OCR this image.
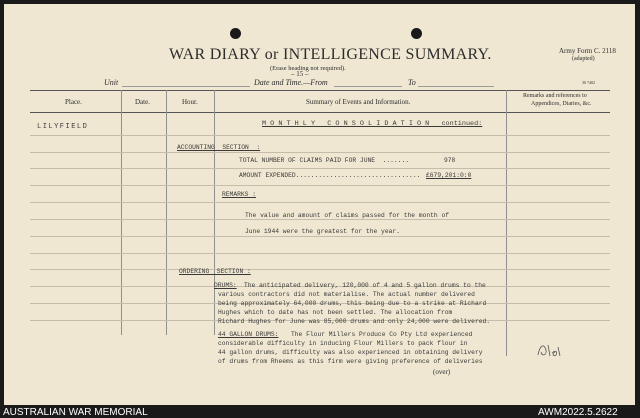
WAR DIARY or INTELLIGENCE SUMMARY.
(Erase heading not required).
Army Form C. 2118
(adapted)
Unit
– 15 –
Date and Time.—From	To	30 7402
Place.	Date.	Hour.	Summary of Events and Information.
Remarks and references to
Appendices, Diaries, &c.
LILYFIELD	M O N T H L Y   C O N S O L I D A T I O N   continued:
ACCOUNTING  SECTION  :
TOTAL NUMBER OF CLAIMS PAID FOR JUNE  .......	978
AMOUNT EXPENDED................................. £679,201:0:0
REMARKS :
The value and amount of claims passed for the month of
June 1944 were the greatest for the year.
ORDERING  SECTION :
DRUMS: The anticipated delivery, 120,000 of 4 and 5 gallon drums to the
various contractors did not materialise. The actual number delivered
being approximately 64,000 drums, this being due to a strike at Richard
Hughes which to date has not been settled. The allocation from
Richard Hughes for June was 85,000 drums and only 24,000 were delivered.
44 GALLON DRUMS: The Flour Millers Produce Co Pty Ltd experienced
considerable difficulty in inducing Flour Millers to pack flour in
44 gallon drums, difficulty was also experienced in obtaining delivery
of drums from Rheems as this firm were giving preference of deliveries
(over)
AUSTRALIAN WAR MEMORIAL	AWM2022.5.2622
